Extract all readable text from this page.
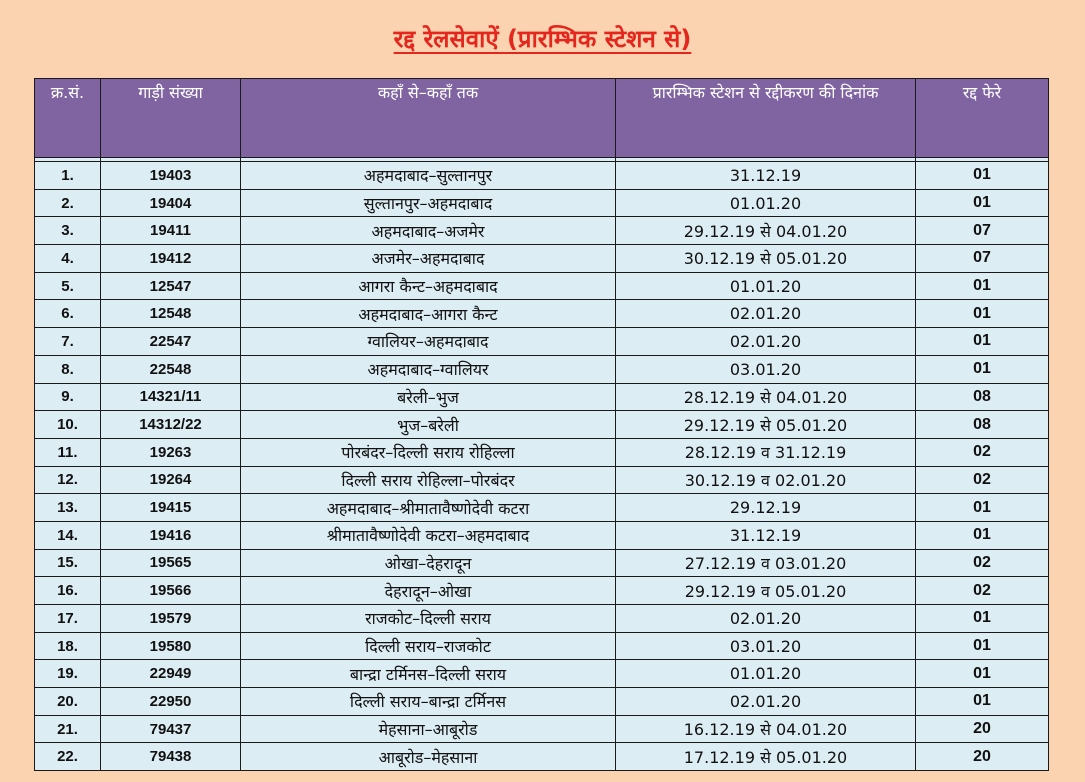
रद्द रेलसेवाऐं (प्रारम्भिक स्टेशन से)
क्र.सं.	गाड़ी संख्या	कहाँ से–कहाँ तक	प्रारम्भिक स्टेशन से रद्दीकरण की दिनांक	रद्द फेरे

1.	19403	अहमदाबाद–सुल्तानपुर	31.12.19	01
2.	19404	सुल्तानपुर–अहमदाबाद	01.01.20	01
3.	19411	अहमदाबाद–अजमेर	29.12.19 से 04.01.20	07
4.	19412	अजमेर–अहमदाबाद	30.12.19 से 05.01.20	07
5.	12547	आगरा कैन्ट–अहमदाबाद	01.01.20	01
6.	12548	अहमदाबाद–आगरा कैन्ट	02.01.20	01
7.	22547	ग्वालियर–अहमदाबाद	02.01.20	01
8.	22548	अहमदाबाद–ग्वालियर	03.01.20	01
9.	14321/11	बरेली–भुज	28.12.19 से 04.01.20	08
10.	14312/22	भुज–बरेली	29.12.19 से 05.01.20	08
11.	19263	पोरबंदर–दिल्ली सराय रोहिल्ला	28.12.19 व 31.12.19	02
12.	19264	दिल्ली सराय रोहिल्ला–पोरबंदर	30.12.19 व 02.01.20	02
13.	19415	अहमदाबाद–श्रीमातावैष्णोदेवी कटरा	29.12.19	01
14.	19416	श्रीमातावैष्णोदेवी कटरा–अहमदाबाद	31.12.19	01
15.	19565	ओखा–देहरादून	27.12.19 व 03.01.20	02
16.	19566	देहरादून–ओखा	29.12.19 व 05.01.20	02
17.	19579	राजकोट–दिल्ली सराय	02.01.20	01
18.	19580	दिल्ली सराय–राजकोट	03.01.20	01
19.	22949	बान्द्रा टर्मिनस–दिल्ली सराय	01.01.20	01
20.	22950	दिल्ली सराय–बान्द्रा टर्मिनस	02.01.20	01
21.	79437	मेहसाना–आबूरोड	16.12.19 से 04.01.20	20
22.	79438	आबूरोड–मेहसाना	17.12.19 से 05.01.20	20
